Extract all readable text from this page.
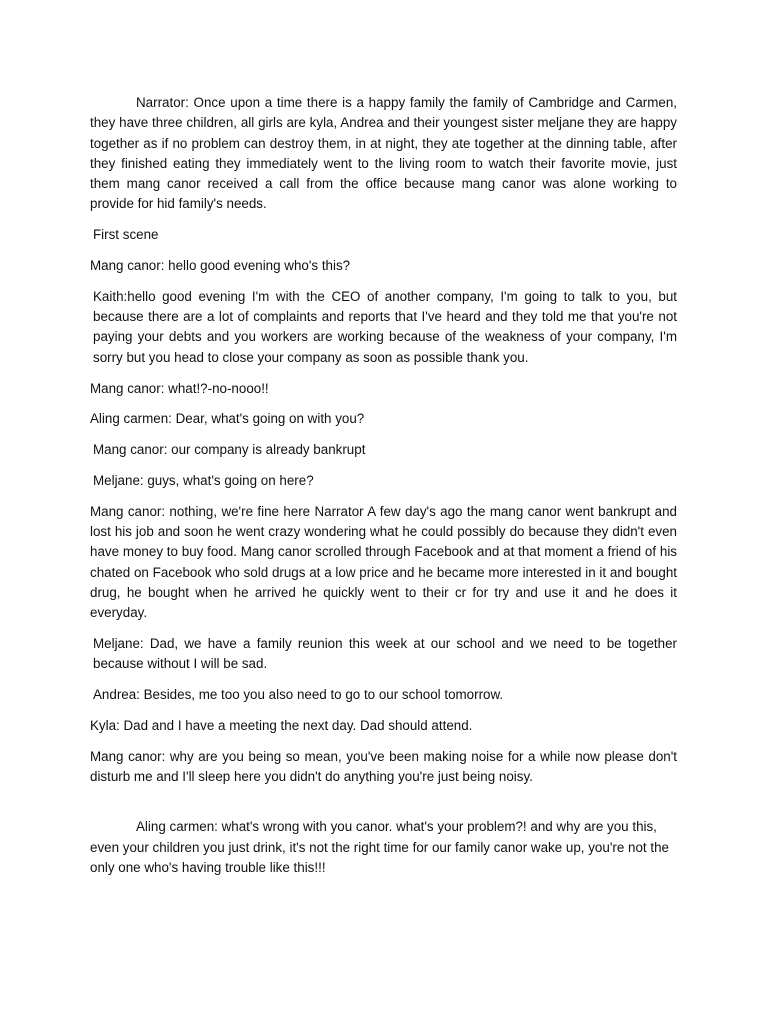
Narrator: Once upon a time there is a happy family the family of Cambridge and Carmen, they have three children, all girls are kyla, Andrea and their youngest sister meljane they are happy together as if no problem can destroy them, in at night, they ate together at the dinning table, after they finished eating they immediately went to the living room to watch their favorite movie, just them mang canor received a call from the office because mang canor was alone working to provide for hid family's needs.

First scene

Mang canor: hello good evening who's this?

Kaith:hello good evening I'm with the CEO of another company, I'm going to talk to you, but because there are a lot of complaints and reports that I've heard and they told me that you're not paying your debts and you workers are working because of the weakness of your company, I'm sorry but you head to close your company as soon as possible thank you.

Mang canor: what!?-no-nooo!!

Aling carmen: Dear, what's going on with you?

Mang canor: our company is already bankrupt

Meljane: guys, what's going on here?

Mang canor: nothing, we're fine here Narrator A few day's ago the mang canor went bankrupt and lost his job and soon he went crazy wondering what he could possibly do because they didn't even have money to buy food. Mang canor scrolled through Facebook and at that moment a friend of his chated on Facebook who sold drugs at a low price and he became more interested in it and bought drug, he bought when he arrived he quickly went to their cr for try and use it and he does it everyday.

Meljane: Dad, we have a family reunion this week at our school and we need to be together because without I will be sad.

Andrea: Besides, me too you also need to go to our school tomorrow.

Kyla: Dad and I have a meeting the next day. Dad should attend.

Mang canor: why are you being so mean, you've been making noise for a while now please don't disturb me and I'll sleep here you didn't do anything you're just being noisy.

Aling carmen: what's wrong with you canor. what's your problem?! and why are you this, even your children you just drink, it's not the right time for our family canor wake up, you're not the only one who's having trouble like this!!!
